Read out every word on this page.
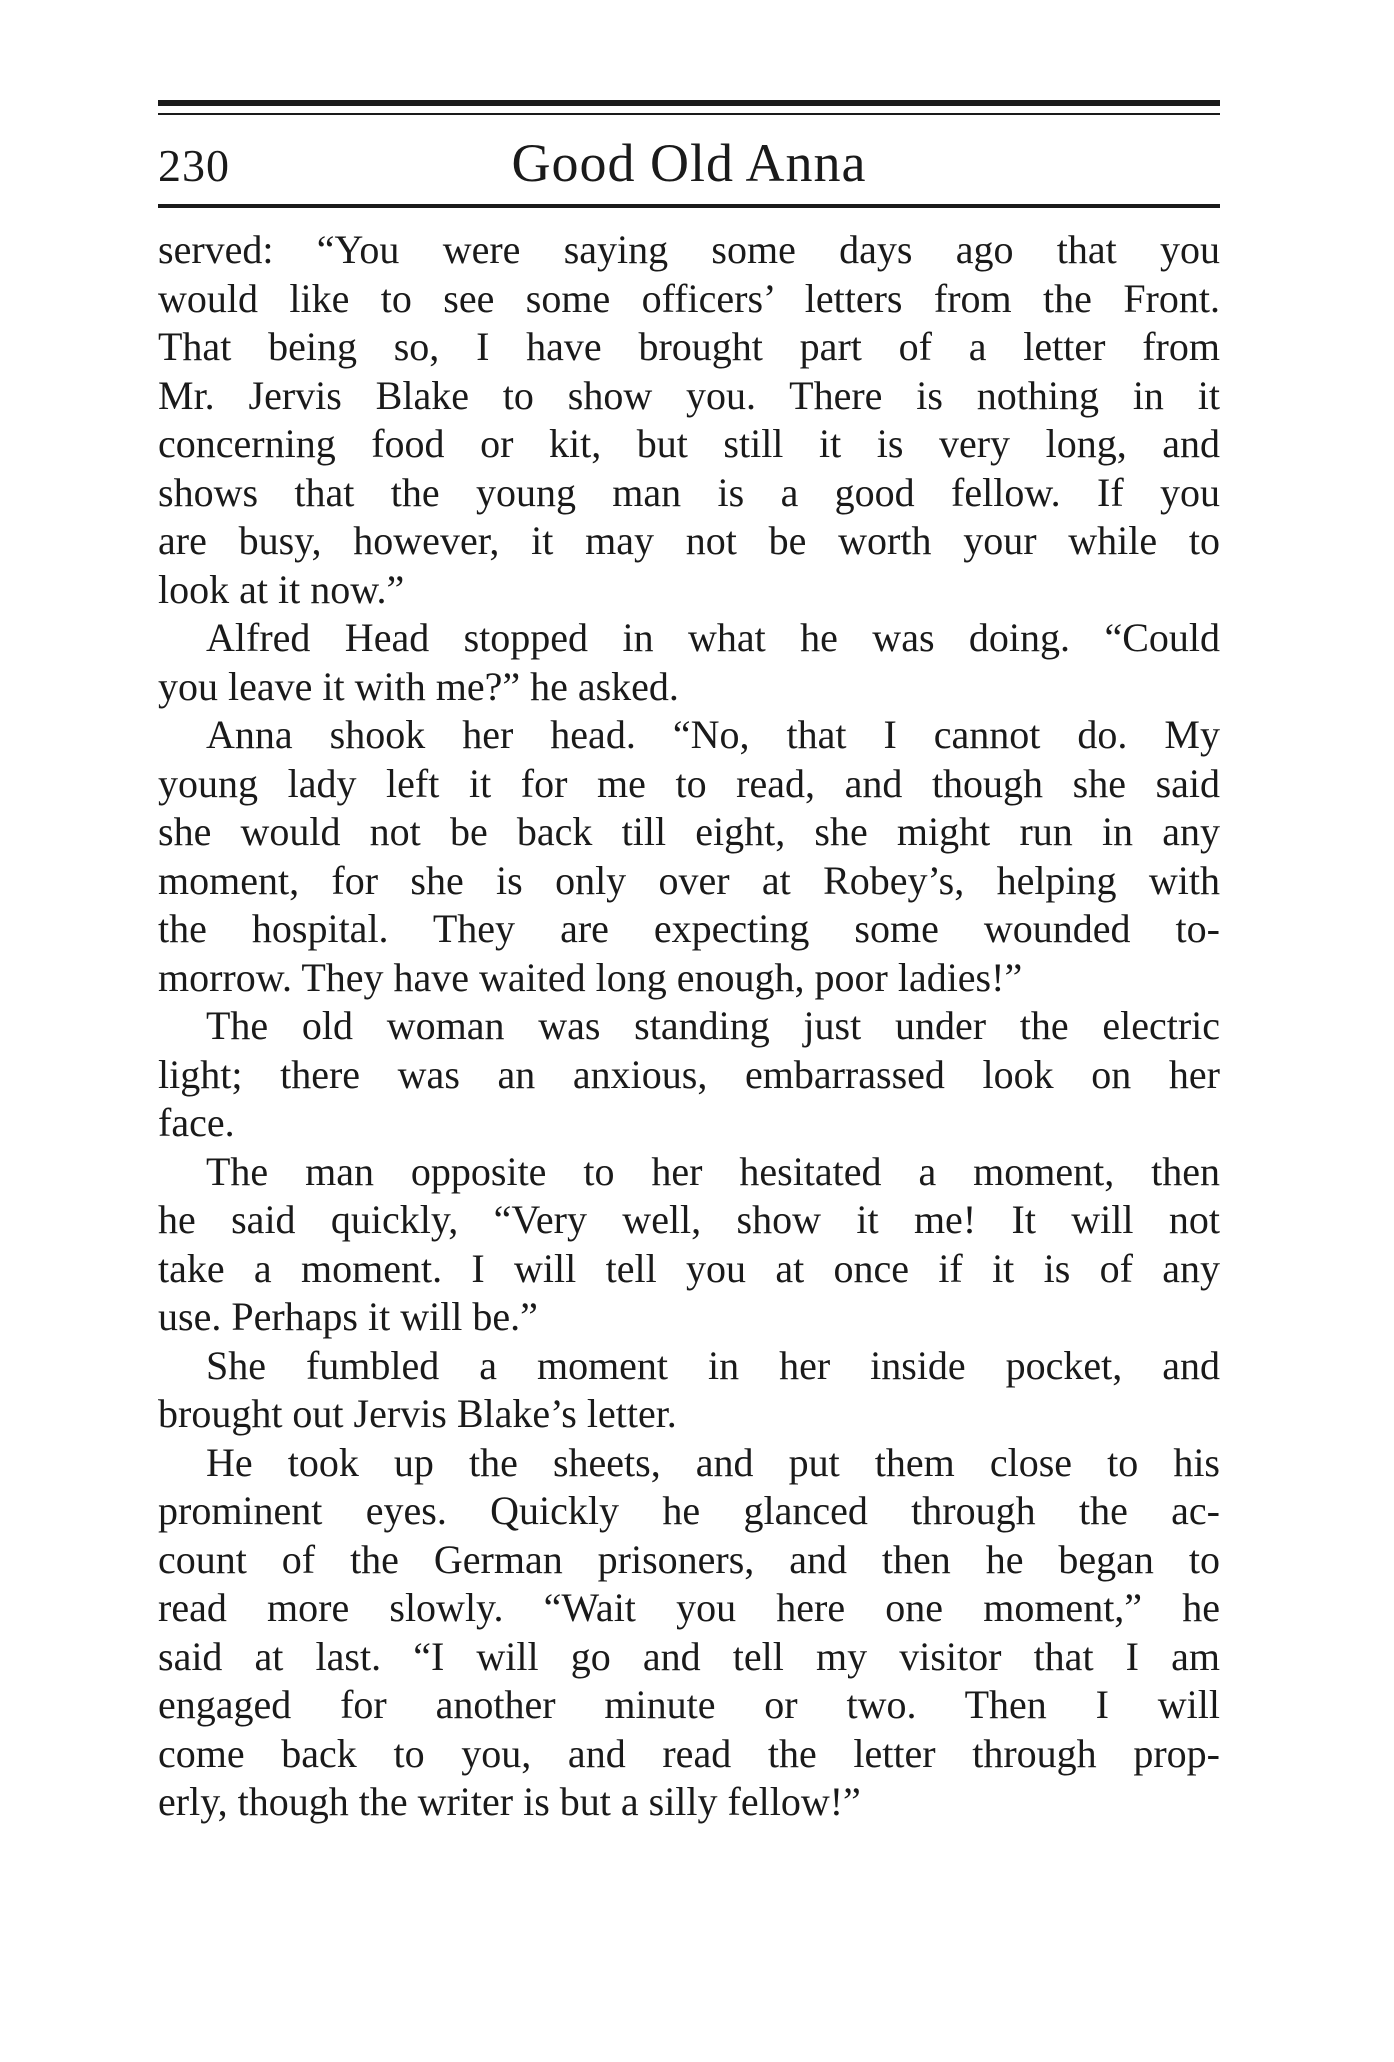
230	Good Old Anna

served: “You were saying some days ago that you
would like to see some officers’ letters from the Front.
That being so, I have brought part of a letter from
Mr. Jervis Blake to show you. There is nothing in it
concerning food or kit, but still it is very long, and
shows that the young man is a good fellow. If you
are busy, however, it may not be worth your while to
look at it now.”

Alfred Head stopped in what he was doing. “Could
you leave it with me?” he asked.

Anna shook her head. “No, that I cannot do. My
young lady left it for me to read, and though she said
she would not be back till eight, she might run in any
moment, for she is only over at Robey’s, helping with
the hospital. They are expecting some wounded to-
morrow. They have waited long enough, poor ladies!”

The old woman was standing just under the electric
light; there was an anxious, embarrassed look on her
face.

The man opposite to her hesitated a moment, then
he said quickly, “Very well, show it me! It will not
take a moment. I will tell you at once if it is of any
use. Perhaps it will be.”

She fumbled a moment in her inside pocket, and
brought out Jervis Blake’s letter.

He took up the sheets, and put them close to his
prominent eyes. Quickly he glanced through the ac-
count of the German prisoners, and then he began to
read more slowly. “Wait you here one moment,” he
said at last. “I will go and tell my visitor that I am
engaged for another minute or two. Then I will
come back to you, and read the letter through prop-
erly, though the writer is but a silly fellow!”
